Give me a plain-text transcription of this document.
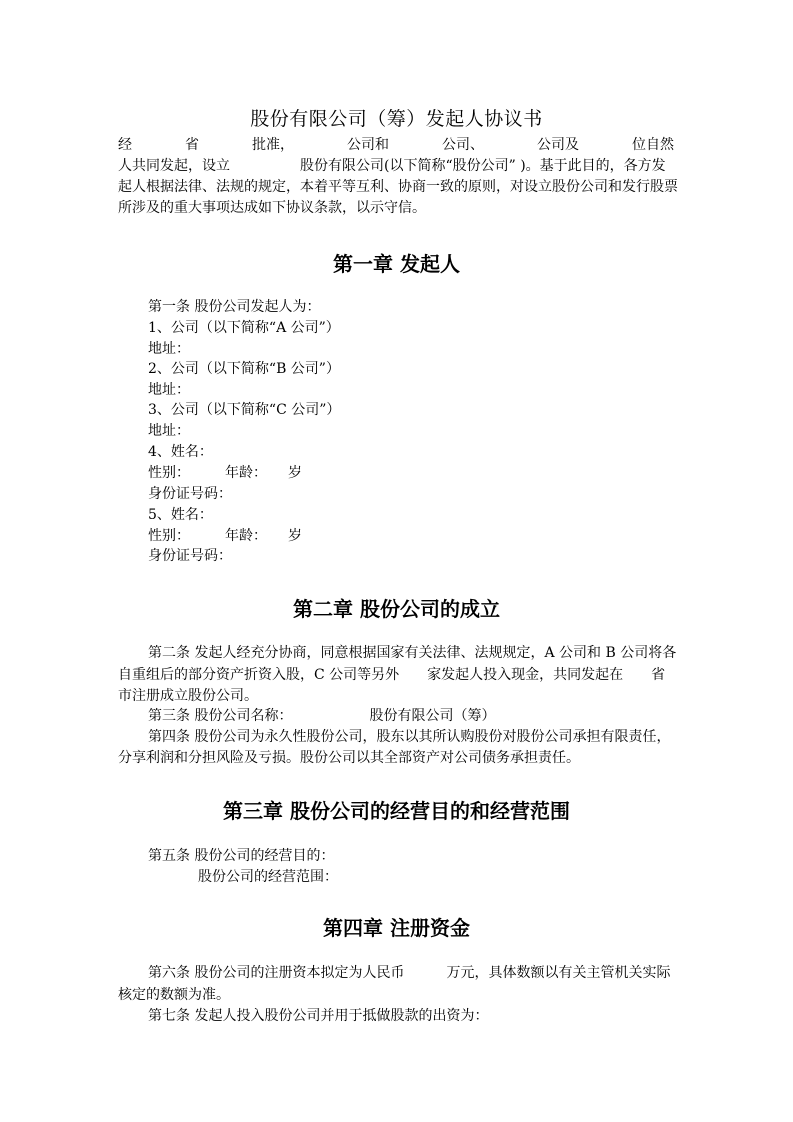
股份有限公司（筹）发起人协议书
经	省	批准，	公司和	公司、	公司及	位自然
人共同发起，设立　　　　　股份有限公司(以下简称“股份公司” )。基于此目的，各方发
起人根据法律、法规的规定，本着平等互利、协商一致的原则，对设立股份公司和发行股票
所涉及的重大事项达成如下协议条款，以示守信。
第一章 发起人
第一条 股份公司发起人为：
1、公司（以下简称“A 公司”）
地址：
2、公司（以下简称“B 公司”）
地址：
3、公司（以下简称“C 公司”）
地址：
4、姓名：
性别：　　　年龄：　　岁
身份证号码：
5、姓名：
性别：　　　年龄：　　岁
身份证号码：
第二章 股份公司的成立
第二条 发起人经充分协商，同意根据国家有关法律、法规规定，A 公司和 B 公司将各
自重组后的部分资产折资入股，C 公司等另外　　家发起人投入现金，共同发起在　　省
市注册成立股份公司。
第三条 股份公司名称：　　　　　　股份有限公司（筹）
第四条 股份公司为永久性股份公司，股东以其所认购股份对股份公司承担有限责任，
分享利润和分担风险及亏损。股份公司以其全部资产对公司债务承担责任。
第三章 股份公司的经营目的和经营范围
第五条 股份公司的经营目的：
股份公司的经营范围：
第四章 注册资金
第六条 股份公司的注册资本拟定为人民币　　　万元，具体数额以有关主管机关实际
核定的数额为准。
第七条 发起人投入股份公司并用于抵做股款的出资为：
